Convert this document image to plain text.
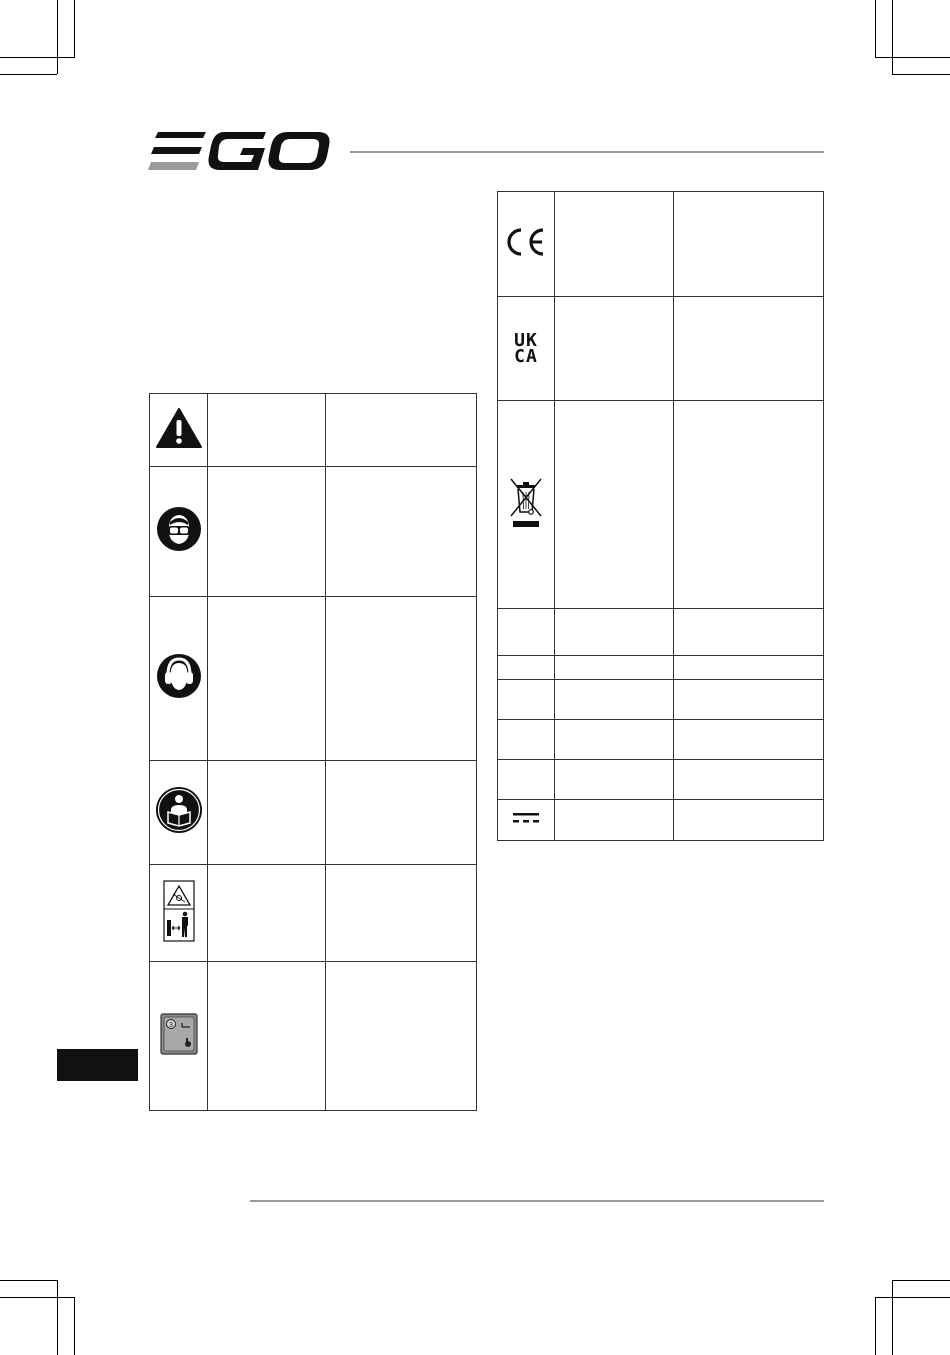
3		

UK
CA		
